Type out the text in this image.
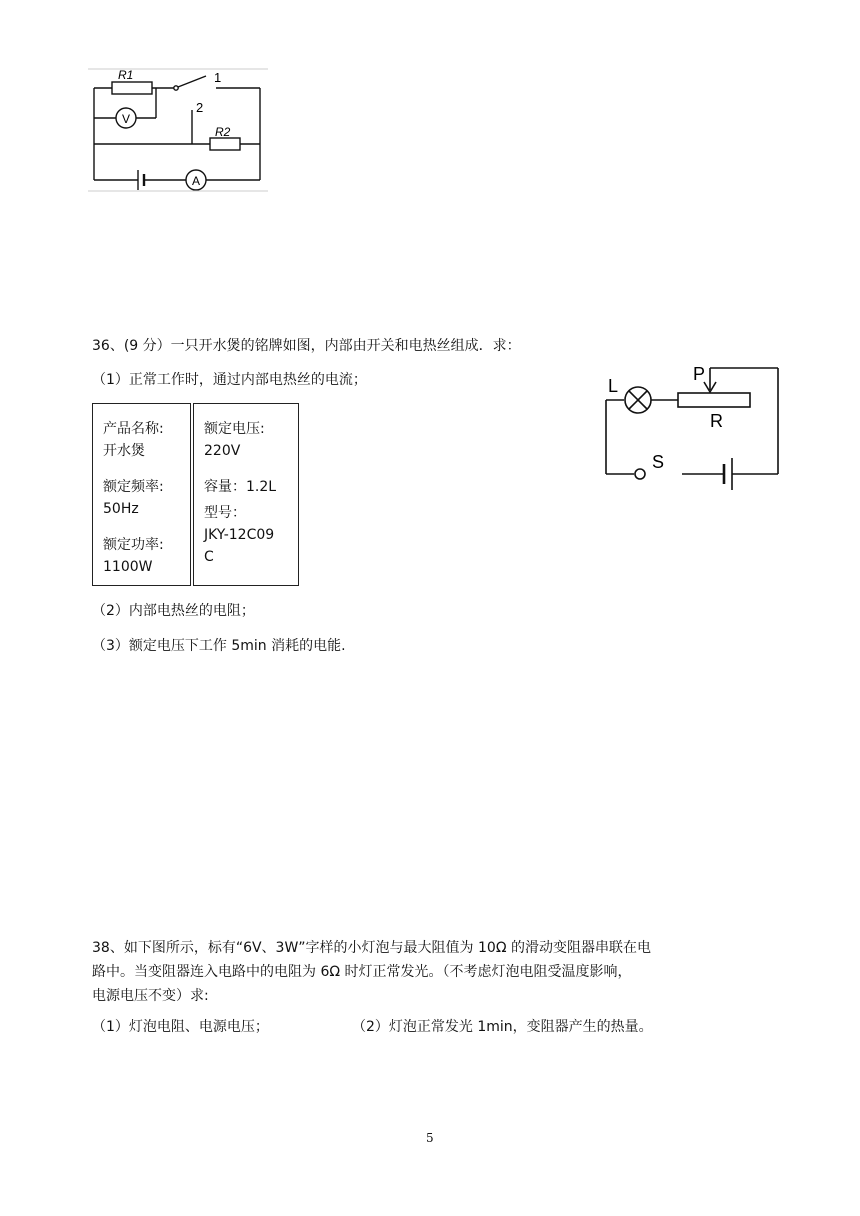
R1
R2
1
2
V
A
36、(9 分）一只开水煲的铭牌如图，内部由开关和电热丝组成．求：
（1）正常工作时，通过内部电热丝的电流；
产品名称:
开水煲
额定频率:
50Hz
额定功率:
1100W
额定电压:
220V
容量：1.2L
型号：
JKY-12C09
C
（2）内部电热丝的电阻；
（3）额定电压下工作 5min 消耗的电能.
L
P
R
S
38、如下图所示，标有“6V、3W”字样的小灯泡与最大阻值为 10Ω 的滑动变阻器串联在电
路中。当变阻器连入电路中的电阻为 6Ω 时灯正常发光。（不考虑灯泡电阻受温度影响，
电源电压不变）求:
（1）灯泡电阻、电源电压；	（2）灯泡正常发光 1min，变阻器产生的热量。
5
